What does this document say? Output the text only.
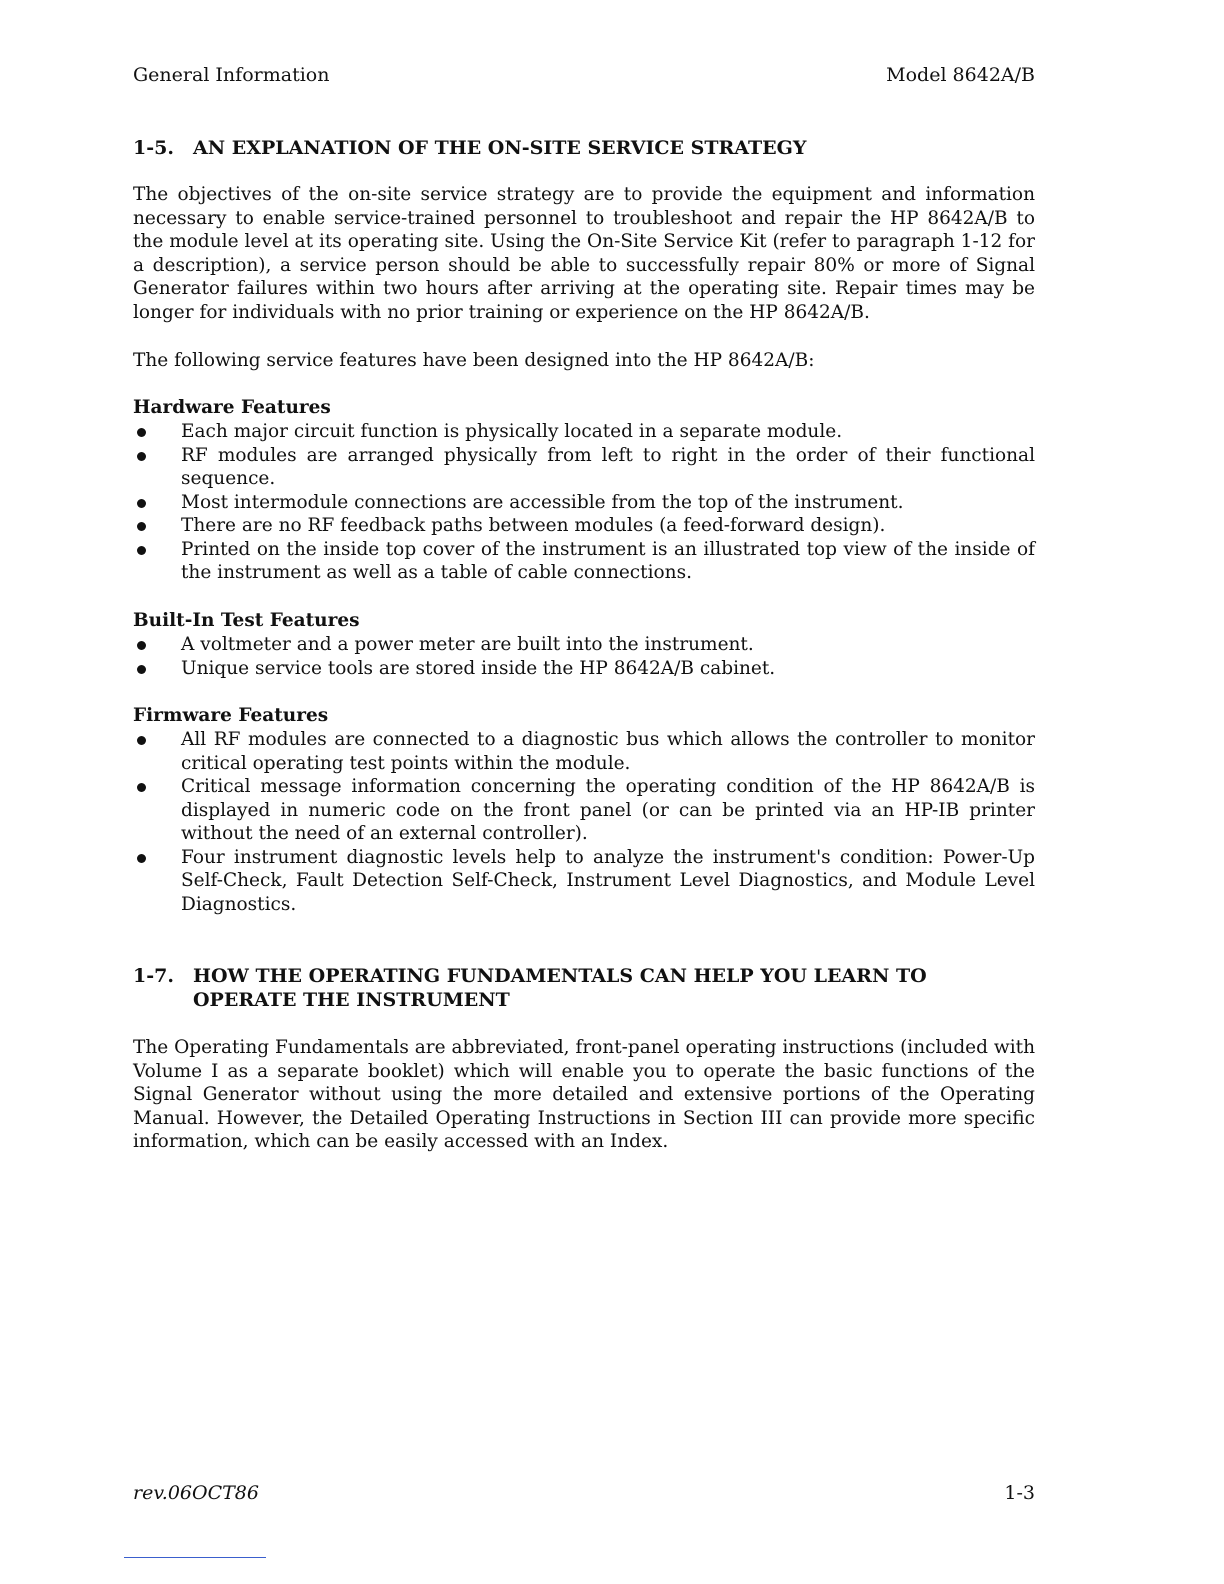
General Information	Model 8642A/B
1-5. AN EXPLANATION OF THE ON-SITE SERVICE STRATEGY

The objectives of the on-site service strategy are to provide the equipment and information necessary to enable service-trained personnel to troubleshoot and repair the HP 8642A/B to the module level at its operating site. Using the On-Site Service Kit (refer to paragraph 1-12 for a description), a service person should be able to successfully repair 80% or more of Signal Generator failures within two hours after arriving at the operating site. Repair times may be longer for individuals with no prior training or experience on the HP 8642A/B.

The following service features have been designed into the HP 8642A/B:

Hardware Features
Each major circuit function is physically located in a separate module.
RF modules are arranged physically from left to right in the order of their functional sequence.
Most intermodule connections are accessible from the top of the instrument.
There are no RF feedback paths between modules (a feed-forward design).
Printed on the inside top cover of the instrument is an illustrated top view of the inside of the instrument as well as a table of cable connections.
Built-In Test Features
A voltmeter and a power meter are built into the instrument.
Unique service tools are stored inside the HP 8642A/B cabinet.
Firmware Features
All RF modules are connected to a diagnostic bus which allows the controller to monitor critical operating test points within the module.
Critical message information concerning the operating condition of the HP 8642A/B is displayed in numeric code on the front panel (or can be printed via an HP-IB printer without the need of an external controller).
Four instrument diagnostic levels help to analyze the instrument's condition: Power-Up Self-Check, Fault Detection Self-Check, Instrument Level Diagnostics, and Module Level Diagnostics.
1-7. HOW THE OPERATING FUNDAMENTALS CAN HELP YOU LEARN TO OPERATE THE INSTRUMENT

The Operating Fundamentals are abbreviated, front-panel operating instructions (included with Volume I as a separate booklet) which will enable you to operate the basic functions of the Signal Generator without using the more detailed and extensive portions of the Operating Manual. However, the Detailed Operating Instructions in Section III can provide more specific information, which can be easily accessed with an Index.

rev.06OCT86	1-3
